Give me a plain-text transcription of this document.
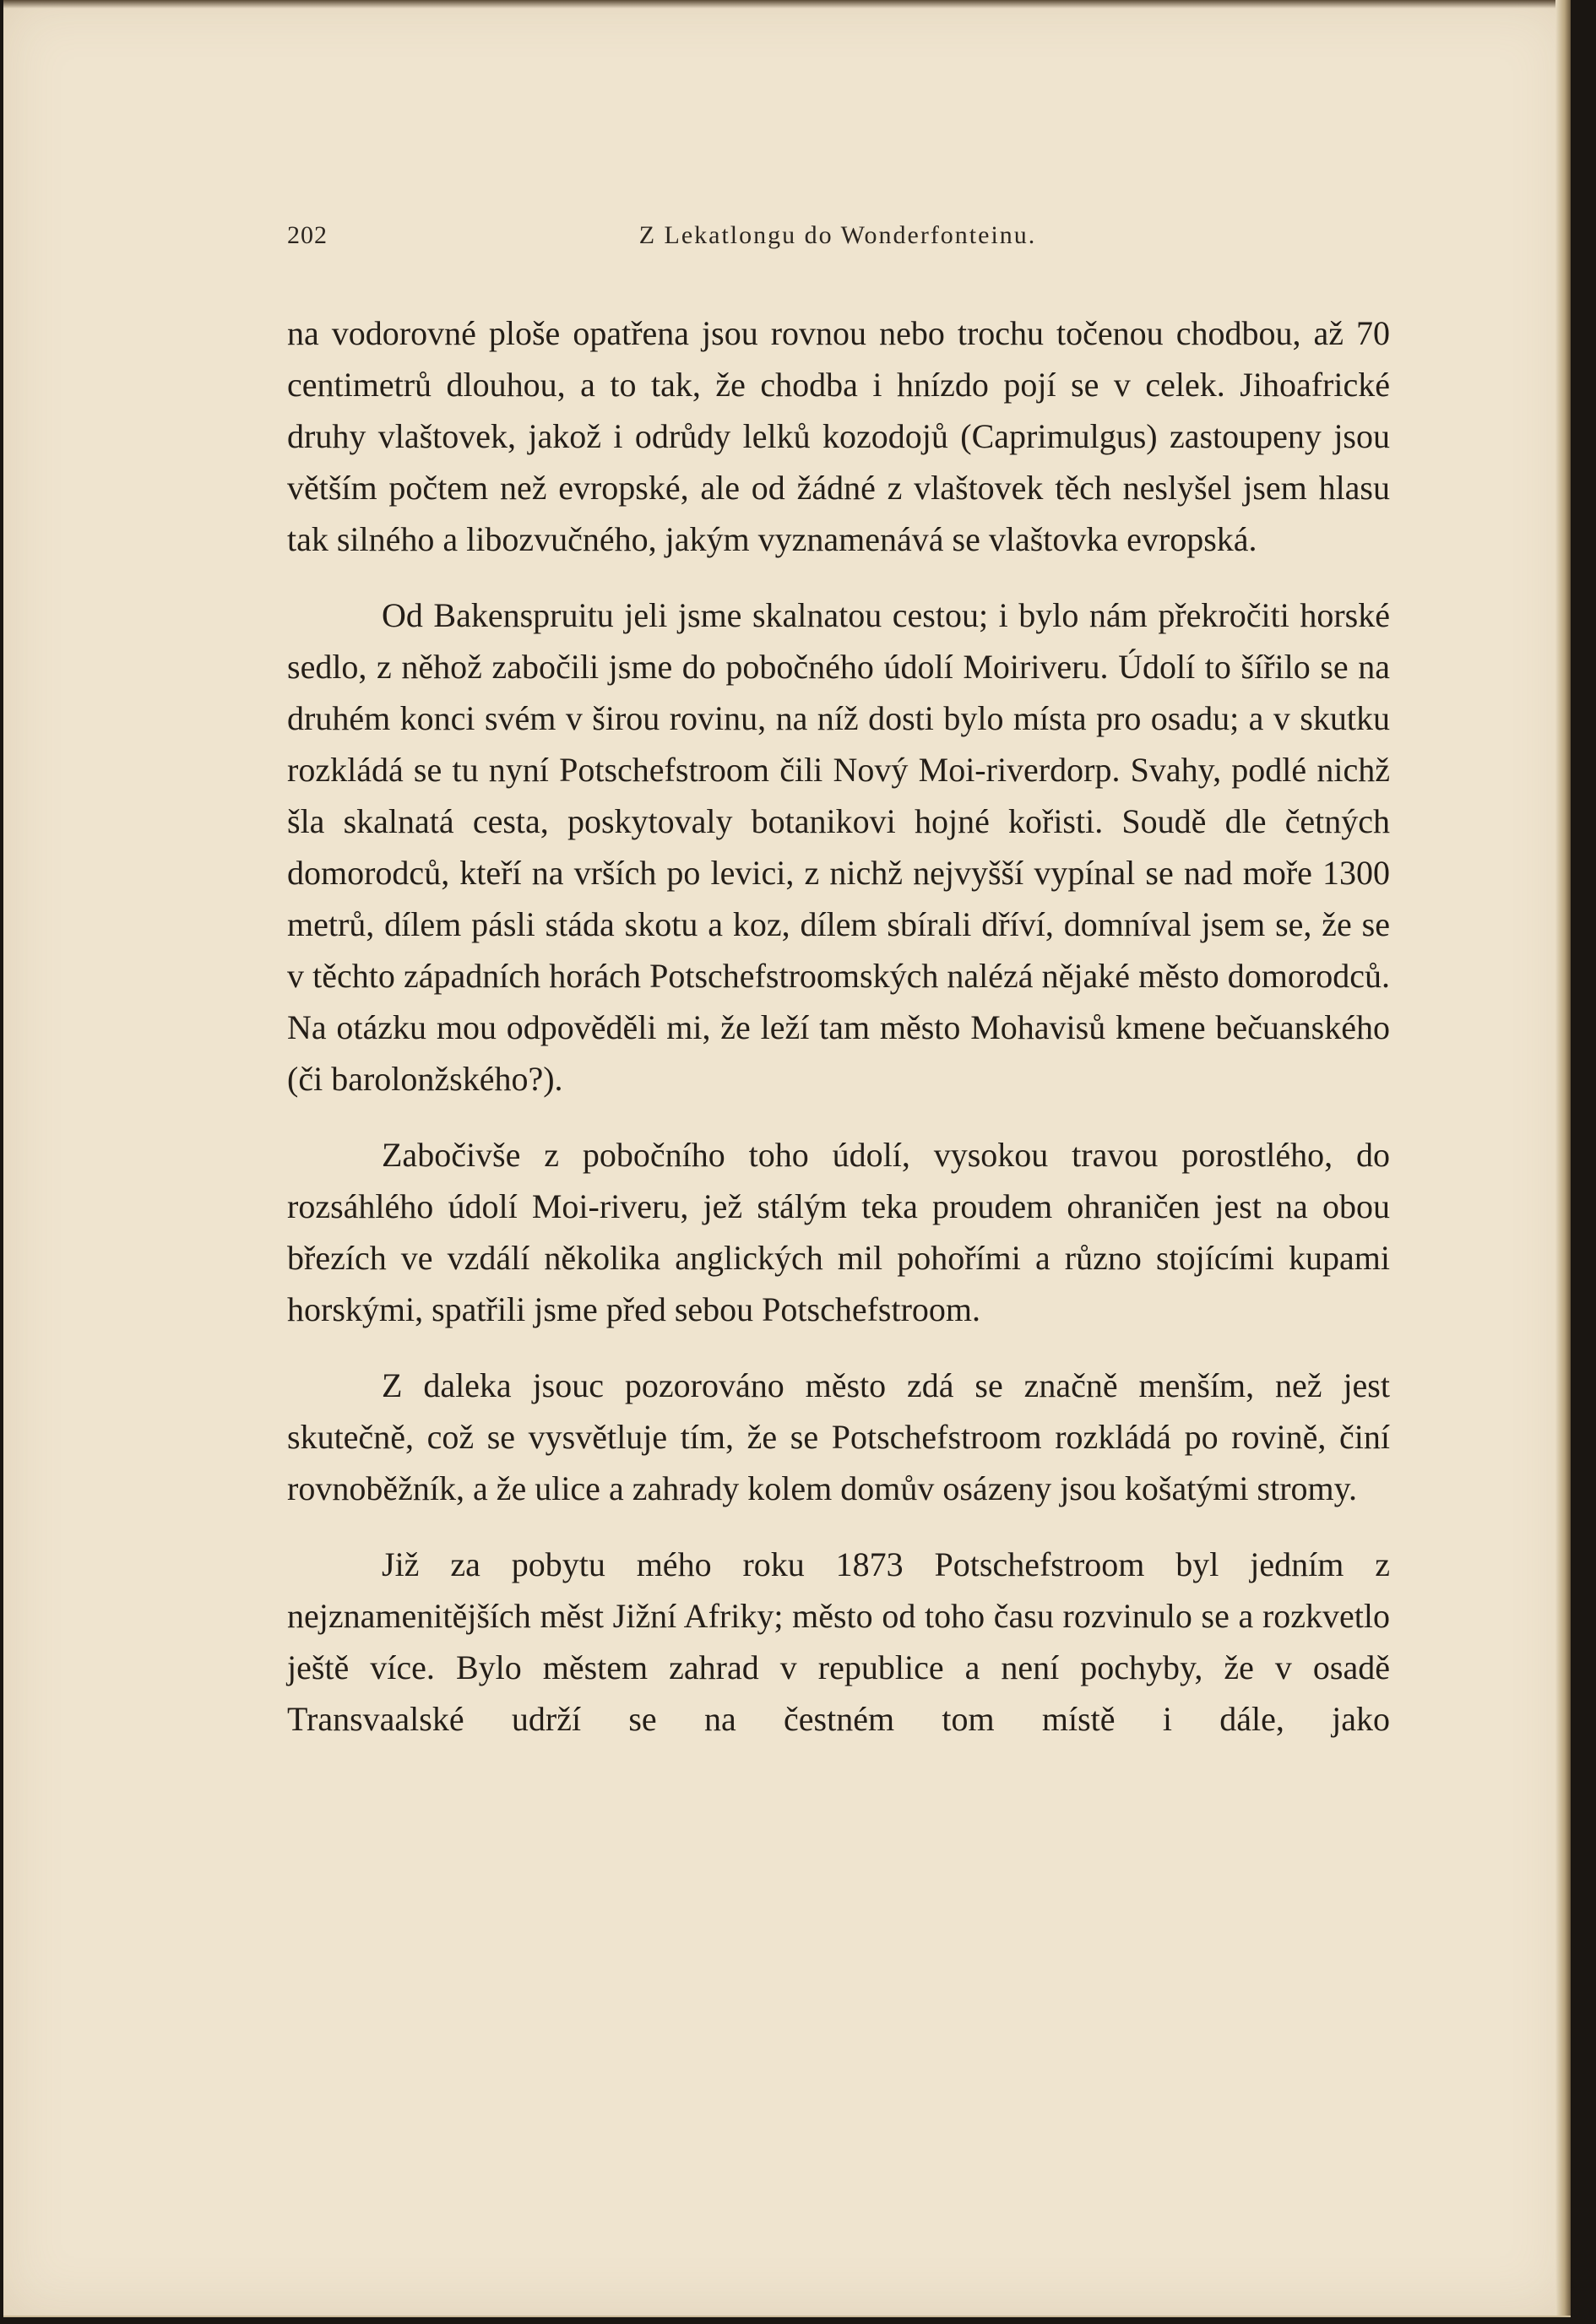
202	Z Lekatlongu do Wonderfonteinu.

na vodorovné ploše opatřena jsou rovnou nebo trochu točenou chodbou, až 70 centimetrů dlouhou, a to tak, že chodba i hnízdo pojí se v celek. Jihoafrické druhy vlaštovek, jakož i odrůdy lelků kozodojů (Caprimulgus) zastoupeny jsou větším počtem než evropské, ale od žádné z vlaštovek těch neslyšel jsem hlasu tak silného a libozvučného, jakým vyznamenává se vlaštovka evropská.

Od Bakenspruitu jeli jsme skalnatou cestou; i bylo nám překročiti horské sedlo, z něhož zabočili jsme do pobočného údolí Moiriveru. Údolí to šířilo se na druhém konci svém v širou rovinu, na níž dosti bylo místa pro osadu; a v skutku rozkládá se tu nyní Potschefstroom čili Nový Moi-riverdorp. Svahy, podlé nichž šla skalnatá cesta, poskytovaly botanikovi hojné kořisti. Soudě dle četných domorodců, kteří na vrších po levici, z nichž nejvyšší vypínal se nad moře 1300 metrů, dílem pásli stáda skotu a koz, dílem sbírali dříví, domníval jsem se, že se v těchto západních horách Potschefstroomských nalézá nějaké město domorodců. Na otázku mou odpověděli mi, že leží tam město Mohavisů kmene bečuanského (či barolonžského?).

Zabočivše z pobočního toho údolí, vysokou travou porostlého, do rozsáhlého údolí Moi-riveru, jež stálým teka proudem ohraničen jest na obou březích ve vzdálí několika anglických mil pohořími a různo stojícími kupami horskými, spatřili jsme před sebou Potschefstroom.

Z daleka jsouc pozorováno město zdá se značně menším, než jest skutečně, což se vysvětluje tím, že se Potschefstroom rozkládá po rovině, činí rovnoběžník, a že ulice a zahrady kolem domův osázeny jsou košatými stromy.

Již za pobytu mého roku 1873 Potschefstroom byl jedním z nejznamenitějších měst Jižní Afriky; město od toho času rozvinulo se a rozkvetlo ještě více. Bylo městem zahrad v republice a není pochyby, že v osadě Transvaalské udrží se na čestném tom místě i dále, jako
